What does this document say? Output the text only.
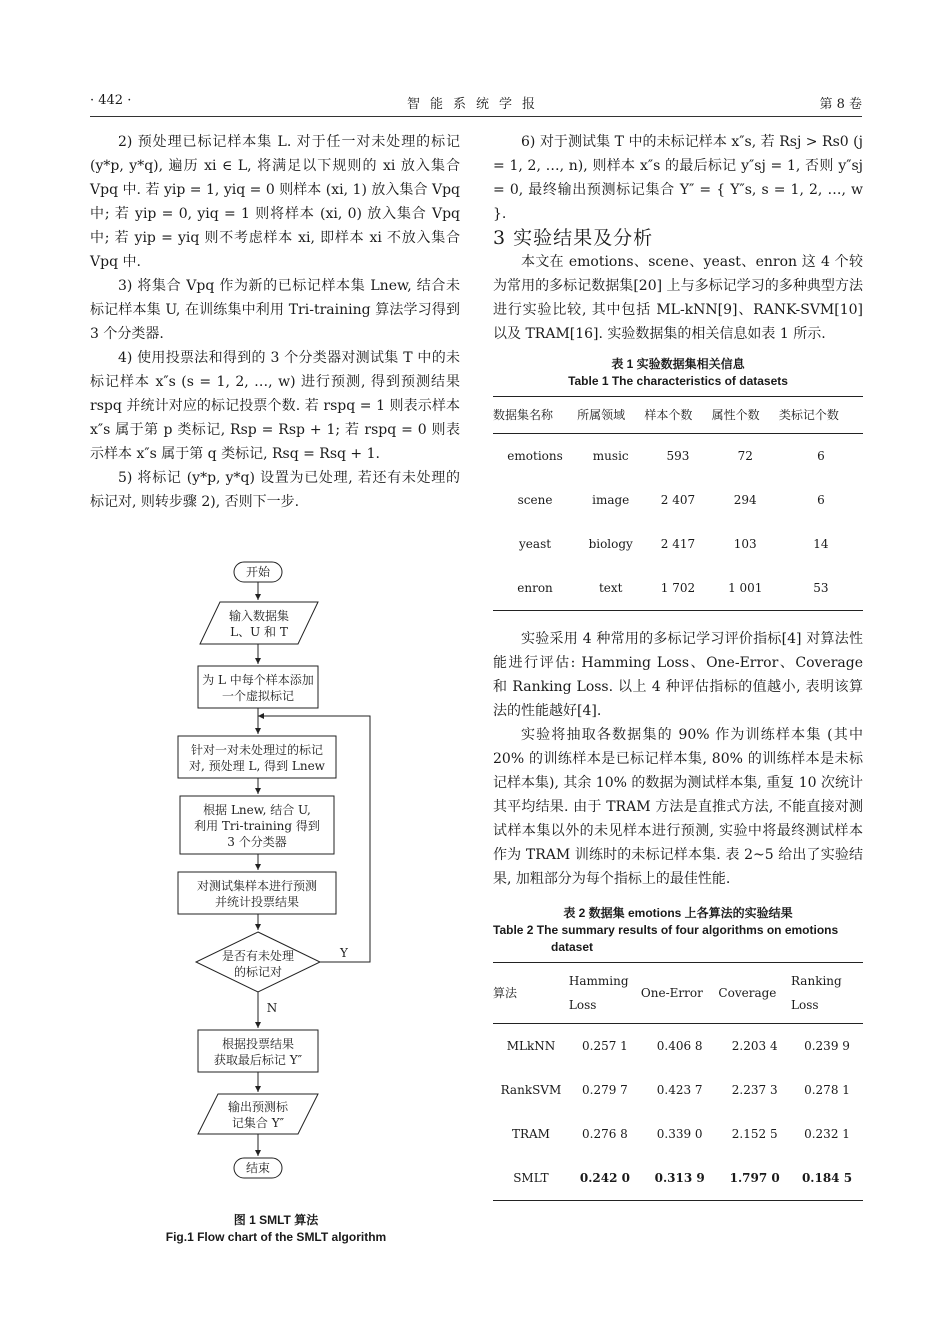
· 442 ·	智能系统学报	第 8 卷

2) 预处理已标记样本集 L. 对于任一对未处理的标记 (y*p, y*q), 遍历 xi ∈ L, 将满足以下规则的 xi 放入集合 Vpq 中. 若 yip = 1, yiq = 0 则样本 (xi, 1) 放入集合 Vpq 中; 若 yip = 0, yiq = 1 则将样本 (xi, 0) 放入集合 Vpq 中; 若 yip = yiq 则不考虑样本 xi, 即样本 xi 不放入集合 Vpq 中.

3) 将集合 Vpq 作为新的已标记样本集 Lnew, 结合未标记样本集 U, 在训练集中利用 Tri-training 算法学习得到 3 个分类器.

4) 使用投票法和得到的 3 个分类器对测试集 T 中的未标记样本 x″s (s = 1, 2, …, w) 进行预测, 得到预测结果 rspq 并统计对应的标记投票个数. 若 rspq = 1 则表示样本 x″s 属于第 p 类标记, Rsp = Rsp + 1; 若 rspq = 0 则表示样本 x″s 属于第 q 类标记, Rsq = Rsq + 1.

5) 将标记 (y*p, y*q) 设置为已处理, 若还有未处理的标记对, 则转步骤 2), 否则下一步.

开始
输入数据集
L、U 和 T
为 L 中每个样本添加
一个虚拟标记
针对一对未处理过的标记
对, 预处理 L, 得到 Lnew
根据 Lnew, 结合 U,
利用 Tri-training 得到
3 个分类器
对测试集样本进行预测
并统计投票结果
是否有未处理
的标记对
Y
N
根据投票结果
获取最后标记 Y″
输出预测标
记集合 Y″
结束
图 1 SMLT 算法
Fig.1 Flow chart of the SMLT algorithm

6) 对于测试集 T 中的未标记样本 x″s, 若 Rsj > Rs0 (j = 1, 2, …, n), 则样本 x″s 的最后标记 y″sj = 1, 否则 y″sj = 0, 最终输出预测标记集合 Y″ = { Y″s, s = 1, 2, …, w }.

3 实验结果及分析

本文在 emotions、scene、yeast、enron 这 4 个较为常用的多标记数据集[20] 上与多标记学习的多种典型方法进行实验比较, 其中包括 ML-kNN[9]、RANK-SVM[10] 以及 TRAM[16]. 实验数据集的相关信息如表 1 所示.

表 1 实验数据集相关信息
Table 1 The characteristics of datasets
数据集名称	所属领域	样本个数	属性个数	类标记个数
emotions	music	593	72	6
scene	image	2 407	294	6
yeast	biology	2 417	103	14
enron	text	1 702	1 001	53

实验采用 4 种常用的多标记学习评价指标[4] 对算法性能进行评估: Hamming Loss、One-Error、Coverage 和 Ranking Loss. 以上 4 种评估指标的值越小, 表明该算法的性能越好[4].

实验将抽取各数据集的 90% 作为训练样本集 (其中 20% 的训练样本是已标记样本集, 80% 的训练样本是未标记样本集), 其余 10% 的数据为测试样本集, 重复 10 次统计其平均结果. 由于 TRAM 方法是直推式方法, 不能直接对测试样本集以外的未见样本进行预测, 实验中将最终测试样本作为 TRAM 训练时的未标记样本集. 表 2~5 给出了实验结果, 加粗部分为每个指标上的最佳性能.

表 2 数据集 emotions 上各算法的实验结果
Table 2 The summary results of four algorithms on emotions dataset
算法	Hamming Loss	One-Error	Coverage	Ranking Loss
MLkNN	0.257 1	0.406 8	2.203 4	0.239 9
RankSVM	0.279 7	0.423 7	2.237 3	0.278 1
TRAM	0.276 8	0.339 0	2.152 5	0.232 1
SMLT	0.242 0	0.313 9	1.797 0	0.184 5
